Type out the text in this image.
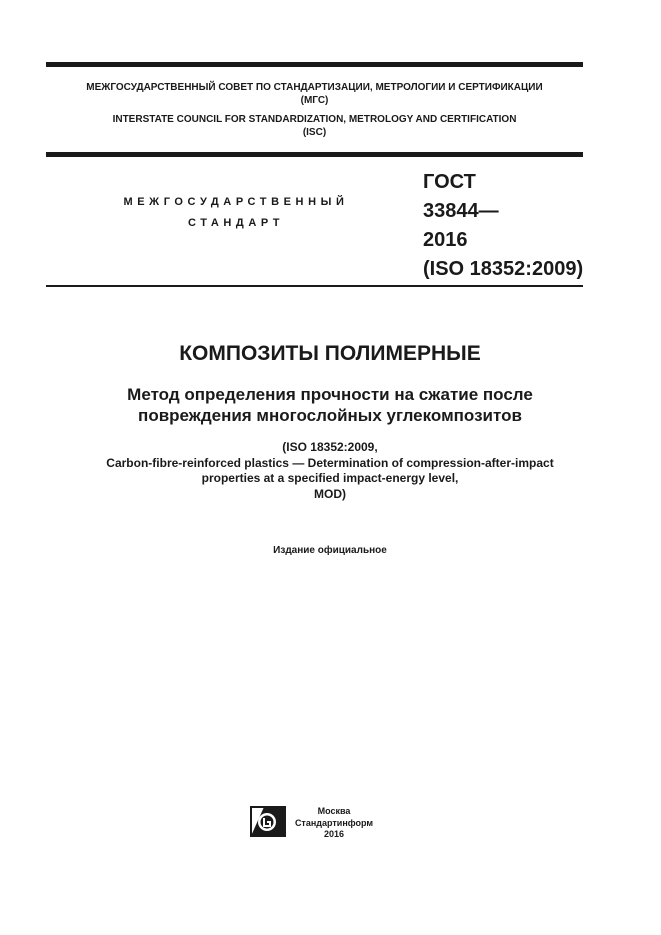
МЕЖГОСУДАРСТВЕННЫЙ СОВЕТ ПО СТАНДАРТИЗАЦИИ, МЕТРОЛОГИИ И СЕРТИФИКАЦИИ
(МГС)
INTERSTATE COUNCIL FOR STANDARDIZATION, METROLOGY AND CERTIFICATION
(ISC)
МЕЖГОСУДАРСТВЕННЫЙ
СТАНДАРТ
ГОСТ
33844—
2016
(ISO 18352:2009)
КОМПОЗИТЫ ПОЛИМЕРНЫЕ
Метод определения прочности на сжатие после
повреждения многослойных углекомпозитов
(ISO 18352:2009,
Carbon-fibre-reinforced plastics — Determination of compression-after-impact
properties at a specified impact-energy level,
MOD)
Издание официальное
Москва
Стандартинформ
2016
